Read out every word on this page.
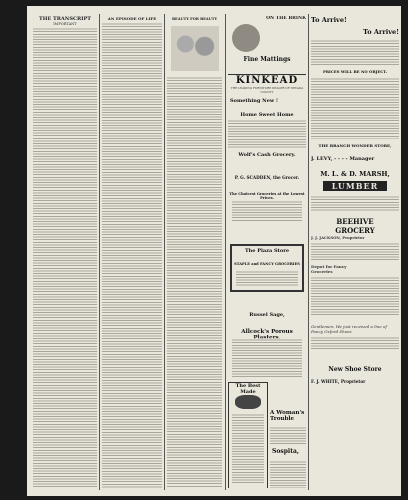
THE TRANSCRIPT
IMPORTANT
AN EPISODE OF LIFE	BEAUTY FOR BEAUTY	ON THE BRINK
Fine Mattings
KINKEAD
THE LEADING FURNITURE DEALER OF NEVADA COUNTY
Something New !
Home Sweet Home
Wolf's Cash Grocery.
P. G. SCADDEN, the Grocer.
The Choicest Groceries at the Lowest Prices.
The Plaza Store
STAPLE and FANCY GROCERIES
Russel Sage,
Allcock's Porous
The Best Made
A Woman's Trouble
Sospita,
To Arrive!
To Arrive!
PRICES WILL BE NO OBJECT.
THE BRANCH WONDER STORE,
J. LEVY, - - - - Manager
M. L. & D. MARSH,
LUMBER
BEEHIVE
GROCERY
J. J. JACKSON, Proprietor
Depot for Fancy Groceries
Gentlemen: We just received a line of Fancy Oxford Shoes
New Shoe Store
F. J. WHITE, Proprietor
